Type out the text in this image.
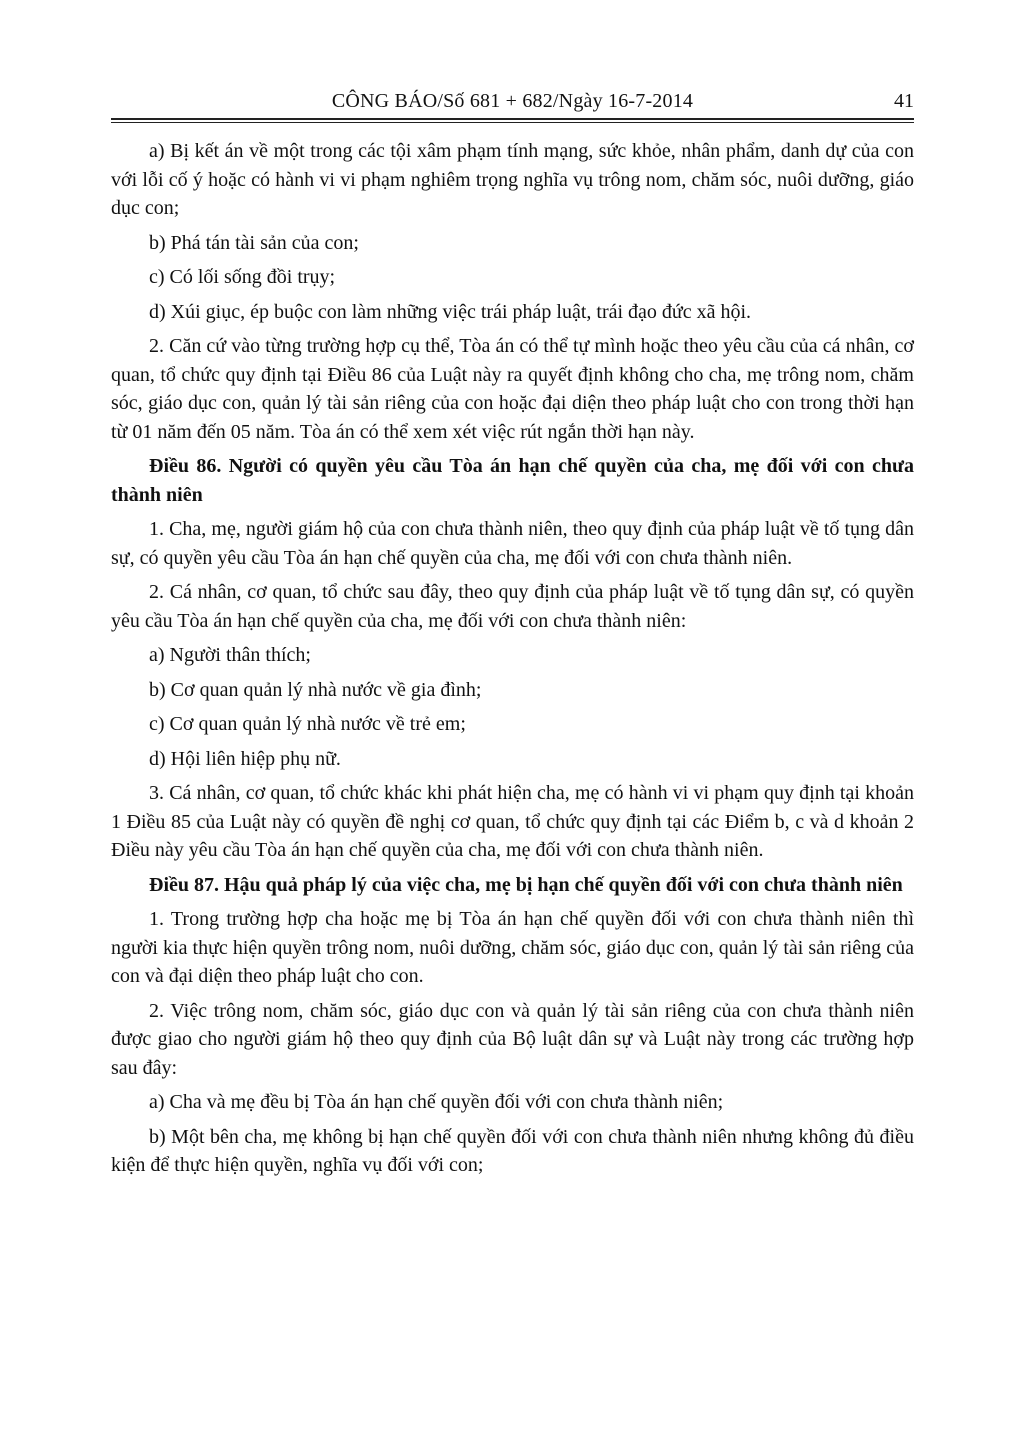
CÔNG BÁO/Số 681 + 682/Ngày 16-7-2014	41

a) Bị kết án về một trong các tội xâm phạm tính mạng, sức khỏe, nhân phẩm, danh dự của con với lỗi cố ý hoặc có hành vi vi phạm nghiêm trọng nghĩa vụ trông nom, chăm sóc, nuôi dưỡng, giáo dục con;

b) Phá tán tài sản của con;

c) Có lối sống đồi trụy;

d) Xúi giục, ép buộc con làm những việc trái pháp luật, trái đạo đức xã hội.

2. Căn cứ vào từng trường hợp cụ thể, Tòa án có thể tự mình hoặc theo yêu cầu của cá nhân, cơ quan, tổ chức quy định tại Điều 86 của Luật này ra quyết định không cho cha, mẹ trông nom, chăm sóc, giáo dục con, quản lý tài sản riêng của con hoặc đại diện theo pháp luật cho con trong thời hạn từ 01 năm đến 05 năm. Tòa án có thể xem xét việc rút ngắn thời hạn này.

Điều 86. Người có quyền yêu cầu Tòa án hạn chế quyền của cha, mẹ đối với con chưa thành niên

1. Cha, mẹ, người giám hộ của con chưa thành niên, theo quy định của pháp luật về tố tụng dân sự, có quyền yêu cầu Tòa án hạn chế quyền của cha, mẹ đối với con chưa thành niên.

2. Cá nhân, cơ quan, tổ chức sau đây, theo quy định của pháp luật về tố tụng dân sự, có quyền yêu cầu Tòa án hạn chế quyền của cha, mẹ đối với con chưa thành niên:

a) Người thân thích;

b) Cơ quan quản lý nhà nước về gia đình;

c) Cơ quan quản lý nhà nước về trẻ em;

d) Hội liên hiệp phụ nữ.

3. Cá nhân, cơ quan, tổ chức khác khi phát hiện cha, mẹ có hành vi vi phạm quy định tại khoản 1 Điều 85 của Luật này có quyền đề nghị cơ quan, tổ chức quy định tại các Điểm b, c và d khoản 2 Điều này yêu cầu Tòa án hạn chế quyền của cha, mẹ đối với con chưa thành niên.

Điều 87. Hậu quả pháp lý của việc cha, mẹ bị hạn chế quyền đối với con chưa thành niên

1. Trong trường hợp cha hoặc mẹ bị Tòa án hạn chế quyền đối với con chưa thành niên thì người kia thực hiện quyền trông nom, nuôi dưỡng, chăm sóc, giáo dục con, quản lý tài sản riêng của con và đại diện theo pháp luật cho con.

2. Việc trông nom, chăm sóc, giáo dục con và quản lý tài sản riêng của con chưa thành niên được giao cho người giám hộ theo quy định của Bộ luật dân sự và Luật này trong các trường hợp sau đây:

a) Cha và mẹ đều bị Tòa án hạn chế quyền đối với con chưa thành niên;

b) Một bên cha, mẹ không bị hạn chế quyền đối với con chưa thành niên nhưng không đủ điều kiện để thực hiện quyền, nghĩa vụ đối với con;
